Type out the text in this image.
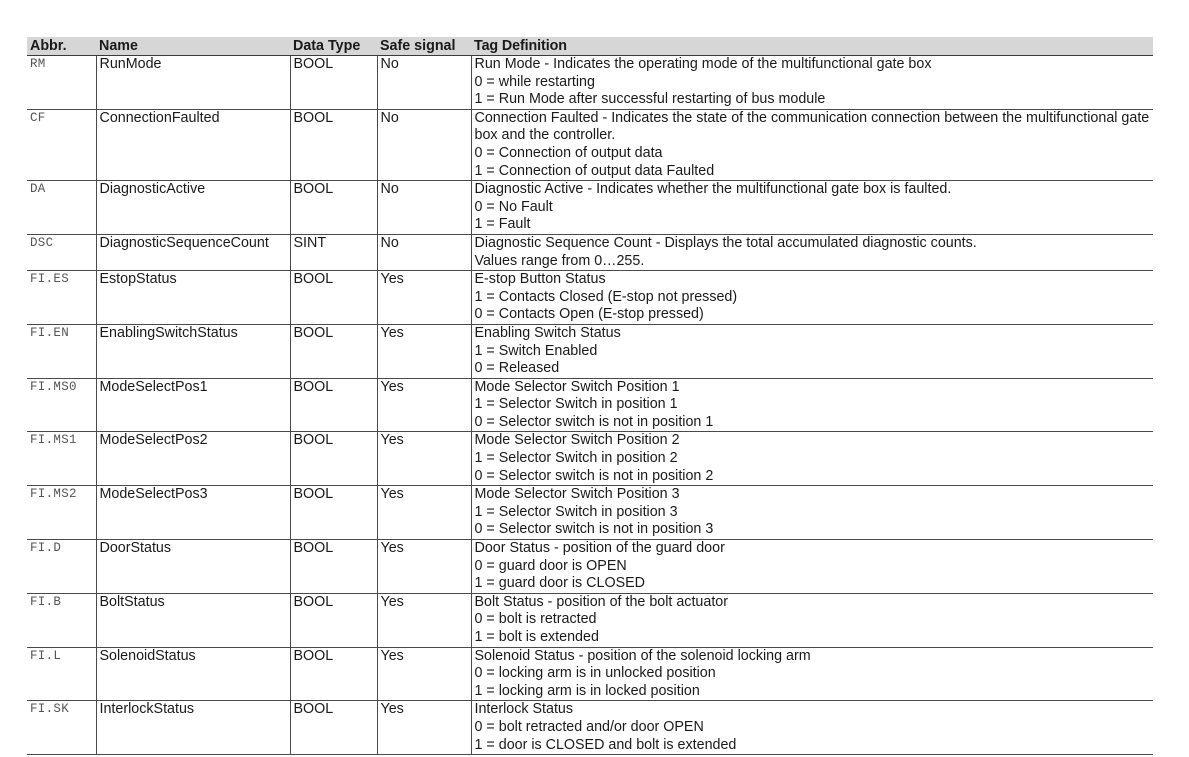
Abbr.	Name	Data Type	Safe signal	Tag Definition
RM	RunMode	BOOL	No	Run Mode - Indicates the operating mode of the multifunctional gate box
0 = while restarting
1 = Run Mode after successful restarting of bus module

CF	ConnectionFaulted	BOOL	No	Connection Faulted - Indicates the state of the communication connection between the multifunctional gate box and the controller.
0 = Connection of output data
1 = Connection of output data Faulted

DA	DiagnosticActive	BOOL	No	Diagnostic Active - Indicates whether the multifunctional gate box is faulted.
0 = No Fault
1 = Fault

DSC	DiagnosticSequenceCount	SINT	No	Diagnostic Sequence Count - Displays the total accumulated diagnostic counts.
Values range from 0…255.

FI.ES	EstopStatus	BOOL	Yes	E-stop Button Status
1 = Contacts Closed (E-stop not pressed)
0 = Contacts Open (E-stop pressed)

FI.EN	EnablingSwitchStatus	BOOL	Yes	Enabling Switch Status
1 = Switch Enabled
0 = Released

FI.MS0	ModeSelectPos1	BOOL	Yes	Mode Selector Switch Position 1
1 = Selector Switch in position 1
0 = Selector switch is not in position 1

FI.MS1	ModeSelectPos2	BOOL	Yes	Mode Selector Switch Position 2
1 = Selector Switch in position 2
0 = Selector switch is not in position 2

FI.MS2	ModeSelectPos3	BOOL	Yes	Mode Selector Switch Position 3
1 = Selector Switch in position 3
0 = Selector switch is not in position 3

FI.D	DoorStatus	BOOL	Yes	Door Status - position of the guard door
0 = guard door is OPEN
1 = guard door is CLOSED

FI.B	BoltStatus	BOOL	Yes	Bolt Status - position of the bolt actuator
0 = bolt is retracted
1 = bolt is extended

FI.L	SolenoidStatus	BOOL	Yes	Solenoid Status - position of the solenoid locking arm
0 = locking arm is in unlocked position
1 = locking arm is in locked position

FI.SK	InterlockStatus	BOOL	Yes	Interlock Status
0 = bolt retracted and/or door OPEN
1 = door is CLOSED and bolt is extended
